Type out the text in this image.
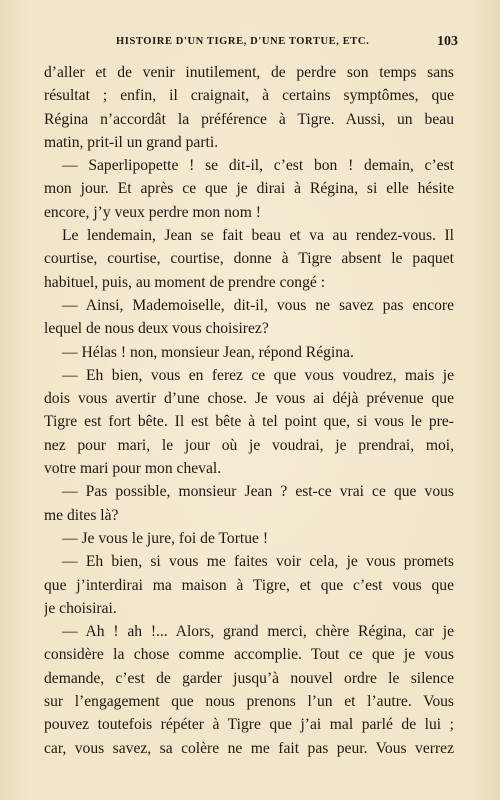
HISTOIRE D'UN TIGRE, D'UNE TORTUE, ETC.	103
d’aller et de venir inutilement, de perdre son temps sans
résultat ; enfin, il craignait, à certains symptômes, que
Régina n’accordât la préférence à Tigre. Aussi, un beau
matin, prit-il un grand parti.
— Saperlipopette ! se dit-il, c’est bon ! demain, c’est
mon jour. Et après ce que je dirai à Régina, si elle hésite
encore, j’y veux perdre mon nom !
Le lendemain, Jean se fait beau et va au rendez-vous. Il
courtise, courtise, courtise, donne à Tigre absent le paquet
habituel, puis, au moment de prendre congé :
— Ainsi, Mademoiselle, dit-il, vous ne savez pas encore
lequel de nous deux vous choisirez?
— Hélas ! non, monsieur Jean, répond Régina.
— Eh bien, vous en ferez ce que vous voudrez, mais je
dois vous avertir d’une chose. Je vous ai déjà prévenue que
Tigre est fort bête. Il est bête à tel point que, si vous le pre-
nez pour mari, le jour où je voudrai, je prendrai, moi,
votre mari pour mon cheval.
— Pas possible, monsieur Jean ? est-ce vrai ce que vous
me dites là?
— Je vous le jure, foi de Tortue !
— Eh bien, si vous me faites voir cela, je vous promets
que j’interdirai ma maison à Tigre, et que c’est vous que
je choisirai.
— Ah ! ah !... Alors, grand merci, chère Régina, car je
considère la chose comme accomplie. Tout ce que je vous
demande, c’est de garder jusqu’à nouvel ordre le silence
sur l’engagement que nous prenons l’un et l’autre. Vous
pouvez toutefois répéter à Tigre que j’ai mal parlé de lui ;
car, vous savez, sa colère ne me fait pas peur. Vous verrez
